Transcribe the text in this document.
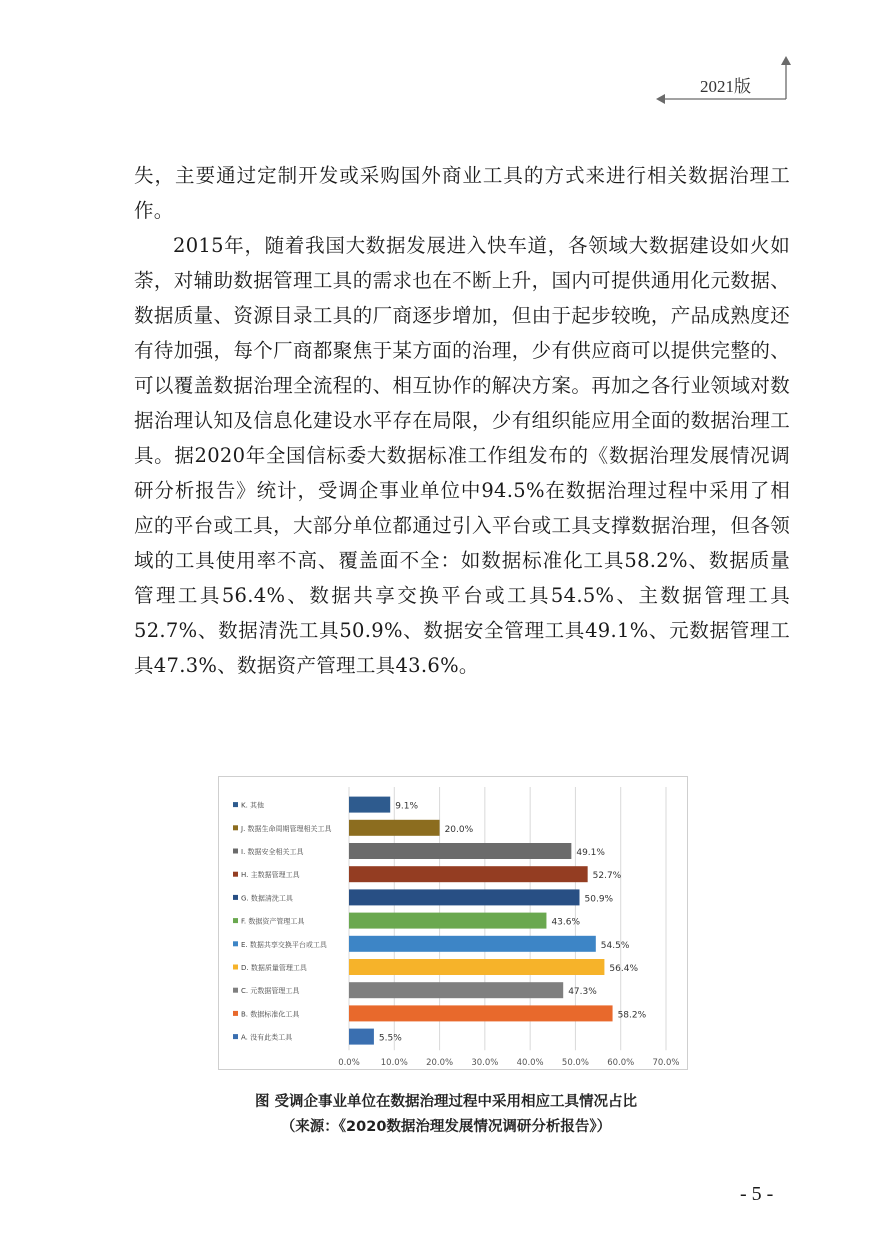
2021版

失，主要通过定制开发或采购国外商业工具的方式来进行相关数据治理工作。

2015年，随着我国大数据发展进入快车道，各领域大数据建设如火如荼，对辅助数据管理工具的需求也在不断上升，国内可提供通用化元数据、数据质量、资源目录工具的厂商逐步增加，但由于起步较晚，产品成熟度还有待加强，每个厂商都聚焦于某方面的治理，少有供应商可以提供完整的、可以覆盖数据治理全流程的、相互协作的解决方案。再加之各行业领域对数据治理认知及信息化建设水平存在局限，少有组织能应用全面的数据治理工具。据2020年全国信标委大数据标准工作组发布的《数据治理发展情况调研分析报告》统计，受调企事业单位中94.5%在数据治理过程中采用了相应的平台或工具，大部分单位都通过引入平台或工具支撑数据治理，但各领域的工具使用率不高、覆盖面不全：如数据标准化工具58.2%、数据质量管理工具56.4%、数据共享交换平台或工具54.5%、主数据管理工具52.7%、数据清洗工具50.9%、数据安全管理工具49.1%、元数据管理工具47.3%、数据资产管理工具43.6%。

0.0% 10.0% 20.0% 30.0% 40.0% 50.0% 60.0% 70.0%
K. 其他	9.1%
J. 数据生命周期管理相关工具	20.0%
I. 数据安全相关工具	49.1%
H. 主数据管理工具	52.7%
G. 数据清洗工具	50.9%
F. 数据资产管理工具	43.6%
E. 数据共享交换平台或工具	54.5%
D. 数据质量管理工具	56.4%
C. 元数据管理工具	47.3%
B. 数据标准化工具	58.2%
A. 没有此类工具	5.5%
图 受调企事业单位在数据治理过程中采用相应工具情况占比
（来源：《2020数据治理发展情况调研分析报告》）
- 5 -
